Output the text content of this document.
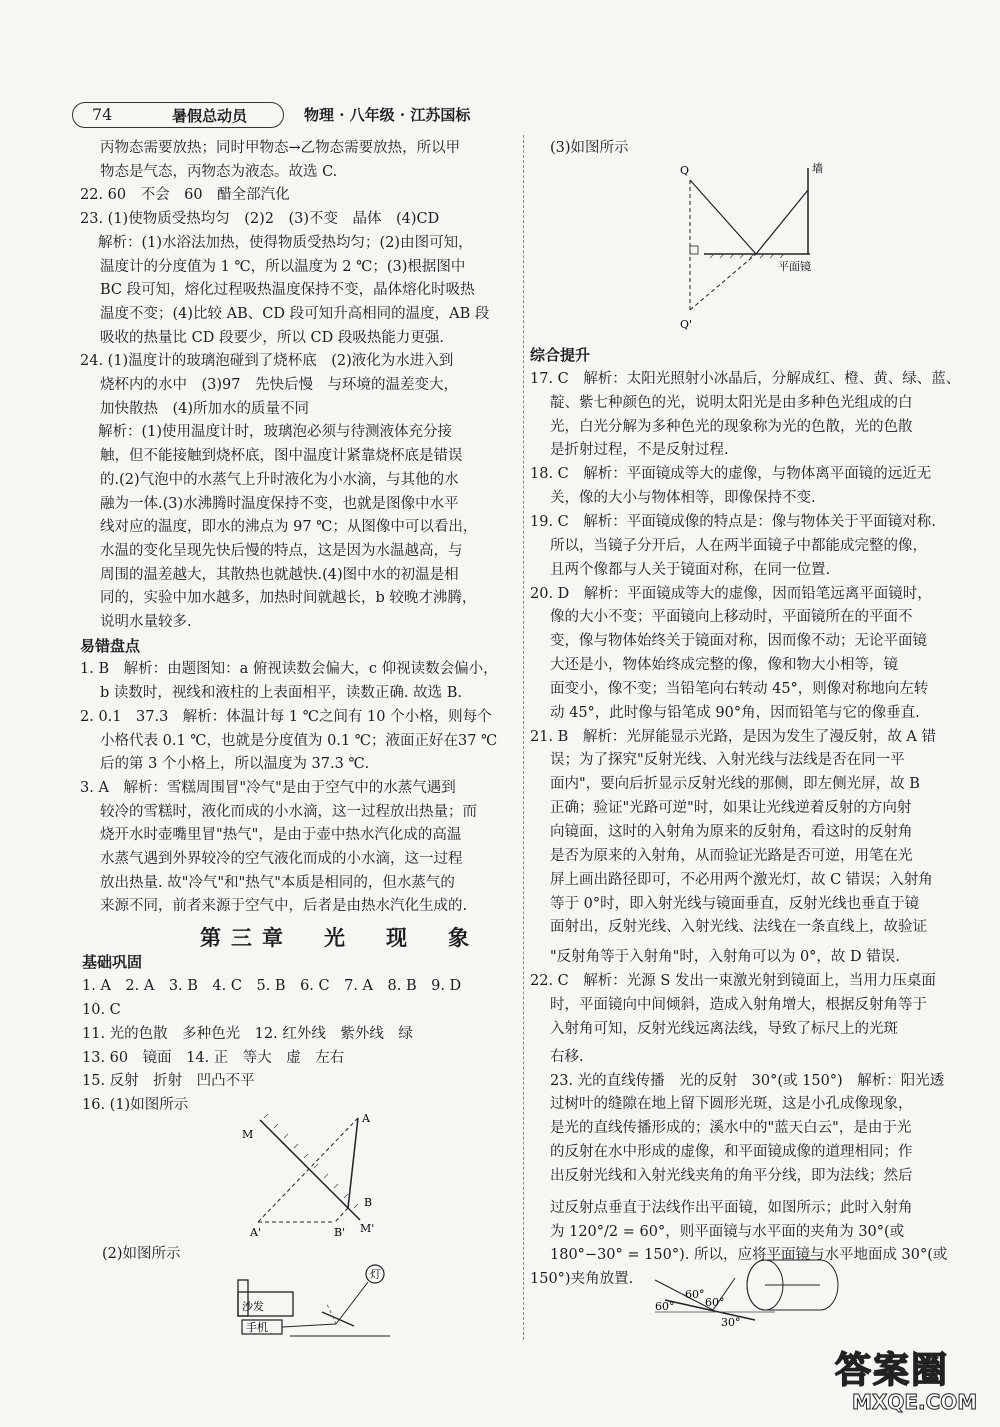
74	暑假总动员	物理 · 八年级 · 江苏国标
丙物态需要放热；同时甲物态→乙物态需要放热，所以甲
物态是气态，丙物态为液态。故选 C.
22. 60　不会　60　醋全部汽化
23. (1)使物质受热均匀　(2)2　(3)不变　晶体　(4)CD
解析：(1)水浴法加热，使得物质受热均匀；(2)由图可知，
温度计的分度值为 1 ℃，所以温度为 2 ℃；(3)根据图中
BC 段可知，熔化过程吸热温度保持不变，晶体熔化时吸热
温度不变；(4)比较 AB、CD 段可知升高相同的温度，AB 段
吸收的热量比 CD 段要少，所以 CD 段吸热能力更强.
24. (1)温度计的玻璃泡碰到了烧杯底　(2)液化为水进入到
烧杯内的水中　(3)97　先快后慢　与环境的温差变大，
加快散热　(4)所加水的质量不同
解析：(1)使用温度计时，玻璃泡必须与待测液体充分接
触，但不能接触到烧杯底，图中温度计紧靠烧杯底是错误
的.(2)气泡中的水蒸气上升时液化为小水滴，与其他的水
融为一体.(3)水沸腾时温度保持不变，也就是图像中水平
线对应的温度，即水的沸点为 97 ℃；从图像中可以看出，
水温的变化呈现先快后慢的特点，这是因为水温越高，与
周围的温差越大，其散热也就越快.(4)图中水的初温是相
同的，实验中加水越多，加热时间就越长，b 较晚才沸腾，
说明水量较多.
易错盘点
1. B　解析：由题图知：a 俯视读数会偏大，c 仰视读数会偏小，
b 读数时，视线和液柱的上表面相平，读数正确. 故选 B.
2. 0.1　37.3　解析：体温计每 1 ℃之间有 10 个小格，则每个
小格代表 0.1 ℃，也就是分度值为 0.1 ℃；液面正好在37 ℃
后的第 3 个小格上，所以温度为 37.3 ℃.
3. A　解析：雪糕周围冒"冷气"是由于空气中的水蒸气遇到
较冷的雪糕时，液化而成的小水滴，这一过程放出热量；而
烧开水时壶嘴里冒"热气"，是由于壶中热水汽化成的高温
水蒸气遇到外界较冷的空气液化而成的小水滴，这一过程
放出热量. 故"冷气"和"热气"本质是相同的，但水蒸气的
来源不同，前者来源于空气中，后者是由热水汽化生成的.
第三章　光　现　象
基础巩固
1. A　2. A　3. B　4. C　5. B　6. C　7. A　8. B　9. D
10. C
11. 光的色散　多种色光　12. 红外线　紫外线　绿
13. 60　镜面　14. 正　等大　虚　左右
15. 反射　折射　凹凸不平
16. (1)如图所示
(2)如图所示
(3)如图所示
综合提升
17. C　解析：太阳光照射小冰晶后，分解成红、橙、黄、绿、蓝、
靛、紫七种颜色的光，说明太阳光是由多种色光组成的白
光，白光分解为多种色光的现象称为光的色散，光的色散
是折射过程，不是反射过程.
18. C　解析：平面镜成等大的虚像，与物体离平面镜的远近无
关，像的大小与物体相等，即像保持不变.
19. C　解析：平面镜成像的特点是：像与物体关于平面镜对称.
所以，当镜子分开后，人在两半面镜子中都能成完整的像，
且两个像都与人关于镜面对称，在同一位置.
20. D　解析：平面镜成等大的虚像，因而铅笔远离平面镜时，
像的大小不变；平面镜向上移动时，平面镜所在的平面不
变，像与物体始终关于镜面对称，因而像不动；无论平面镜
大还是小，物体始终成完整的像，像和物大小相等，镜
面变小，像不变；当铅笔向右转动 45°，则像对称地向左转
动 45°，此时像与铅笔成 90°角，因而铅笔与它的像垂直.
21. B　解析：光屏能显示光路，是因为发生了漫反射，故 A 错
误；为了探究"反射光线、入射光线与法线是否在同一平
面内"，要向后折显示反射光线的那侧，即左侧光屏，故 B
正确；验证"光路可逆"时，如果让光线逆着反射的方向射
向镜面，这时的入射角为原来的反射角，看这时的反射角
是否为原来的入射角，从而验证光路是否可逆，用笔在光
屏上画出路径即可，不必用两个激光灯，故 C 错误；入射角
等于 0°时，即入射光线与镜面垂直，反射光线也垂直于镜
面射出，反射光线、入射光线、法线在一条直线上，故验证
"反射角等于入射角"时，入射角可以为 0°，故 D 错误.
22. C　解析：光源 S 发出一束激光射到镜面上，当用力压桌面
时，平面镜向中间倾斜，造成入射角增大，根据反射角等于
入射角可知，反射光线远离法线，导致了标尺上的光斑
右移.
23. 光的直线传播　光的反射　30°(或 150°)　解析：阳光透
过树叶的缝隙在地上留下圆形光斑，这是小孔成像现象，
是光的直线传播形成的；溪水中的"蓝天白云"，是由于光
的反射在水中形成的虚像，和平面镜成像的道理相同；作
出反射光线和入射光线夹角的角平分线，即为法线；然后
过反射点垂直于法线作出平面镜，如图所示；此时入射角
为 120°/2 = 60°，则平面镜与水平面的夹角为 30°(或
180°−30° = 150°). 所以，应将平面镜与水平地面成 30°(或
150°)夹角放置.
M
A
B
A'	B' M'
沙发
手机
灯
Q	墙
平面镜
Q'
60°
60°	60°
30°
答案圈
MXQE.COM
